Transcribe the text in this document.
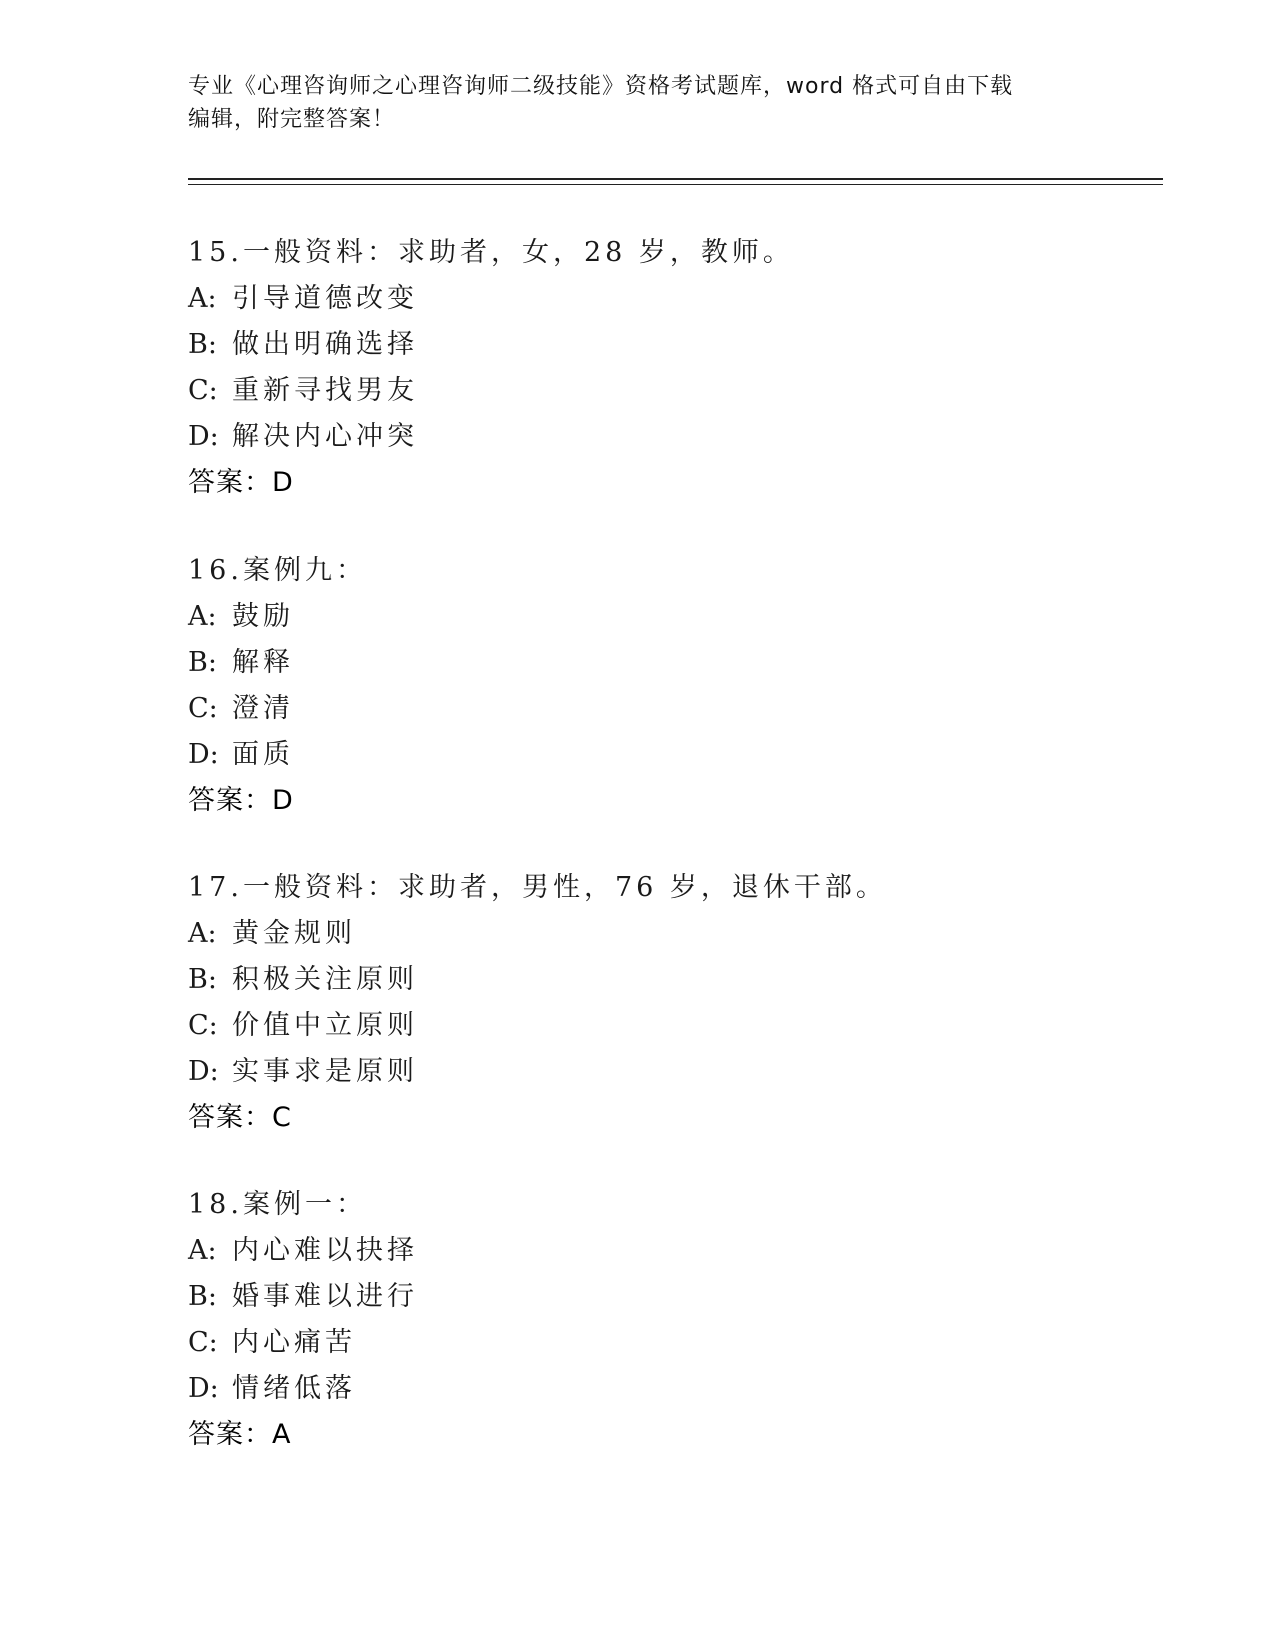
专业《心理咨询师之心理咨询师二级技能》资格考试题库，word 格式可自由下载
编辑，附完整答案！
15.一般资料：求助者，女，28 岁，教师。
A: 引导道德改变
B: 做出明确选择
C: 重新寻找男友
D: 解决内心冲突
答案：D
16.案例九：
A: 鼓励
B: 解释
C: 澄清
D: 面质
答案：D
17.一般资料：求助者，男性，76 岁，退休干部。
A: 黄金规则
B: 积极关注原则
C: 价值中立原则
D: 实事求是原则
答案：C
18.案例一：
A: 内心难以抉择
B: 婚事难以进行
C: 内心痛苦
D: 情绪低落
答案：A
